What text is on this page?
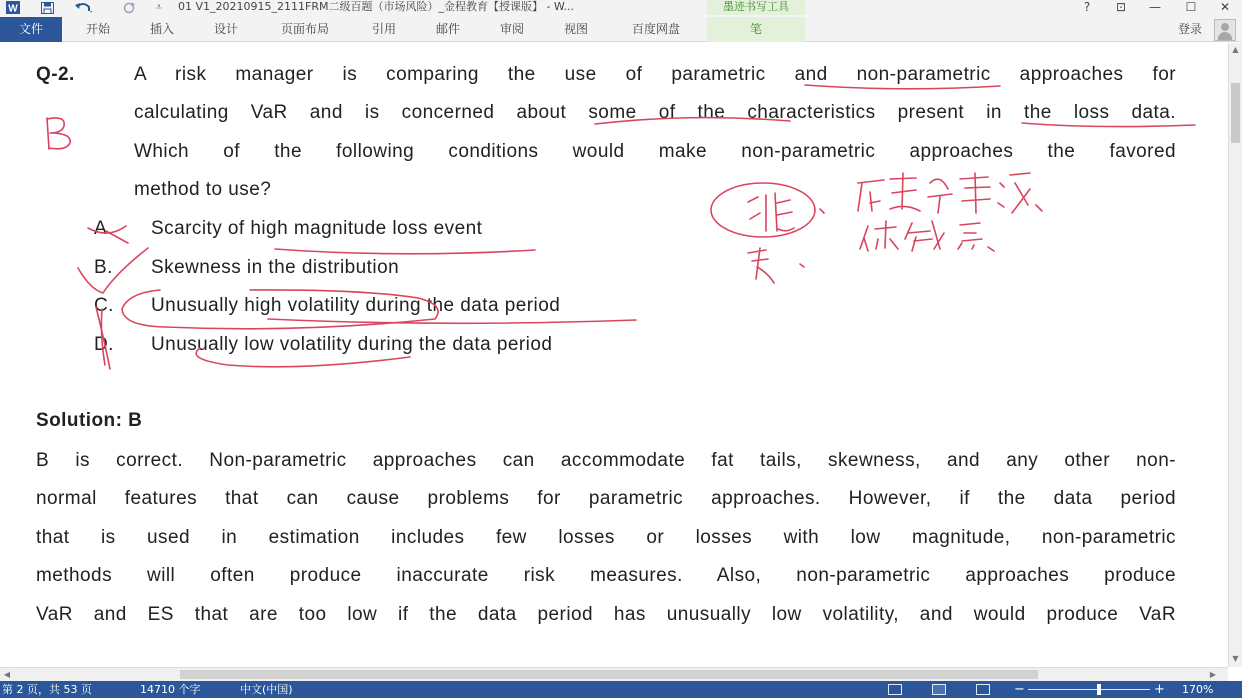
W	⩡	01 V1_20210915_2111FRM二级百题（市场风险）_金程教育【授课版】 - W...	墨迹书写工具	?	⊡	—	☐	✕
文件	开始	插入	设计	页面布局	引用	邮件	审阅	视图	百度网盘	笔	登录
Q-2.	A risk manager is comparing the use of parametric and non-parametric approaches for
calculating VaR and is concerned about some of the characteristics present in the loss data.
Which of the following conditions would make non-parametric approaches the favored
method to use?
A. Scarcity of high magnitude loss event
B. Skewness in the distribution
C. Unusually high volatility during the data period
D. Unusually low volatility during the data period
Solution: B
B is correct. Non-parametric approaches can accommodate fat tails, skewness, and any other non-
normal features that can cause problems for parametric approaches. However, if the data period
that is used in estimation includes few losses or losses with low magnitude, non-parametric
methods will often produce inaccurate risk measures. Also, non-parametric approaches produce
VaR and ES that are too low if the data period has unusually low volatility, and would produce VaR
▲
▼
◀	▶
第 2 页，共 53 页	14710 个字	中文(中国)	−	+ 170%
